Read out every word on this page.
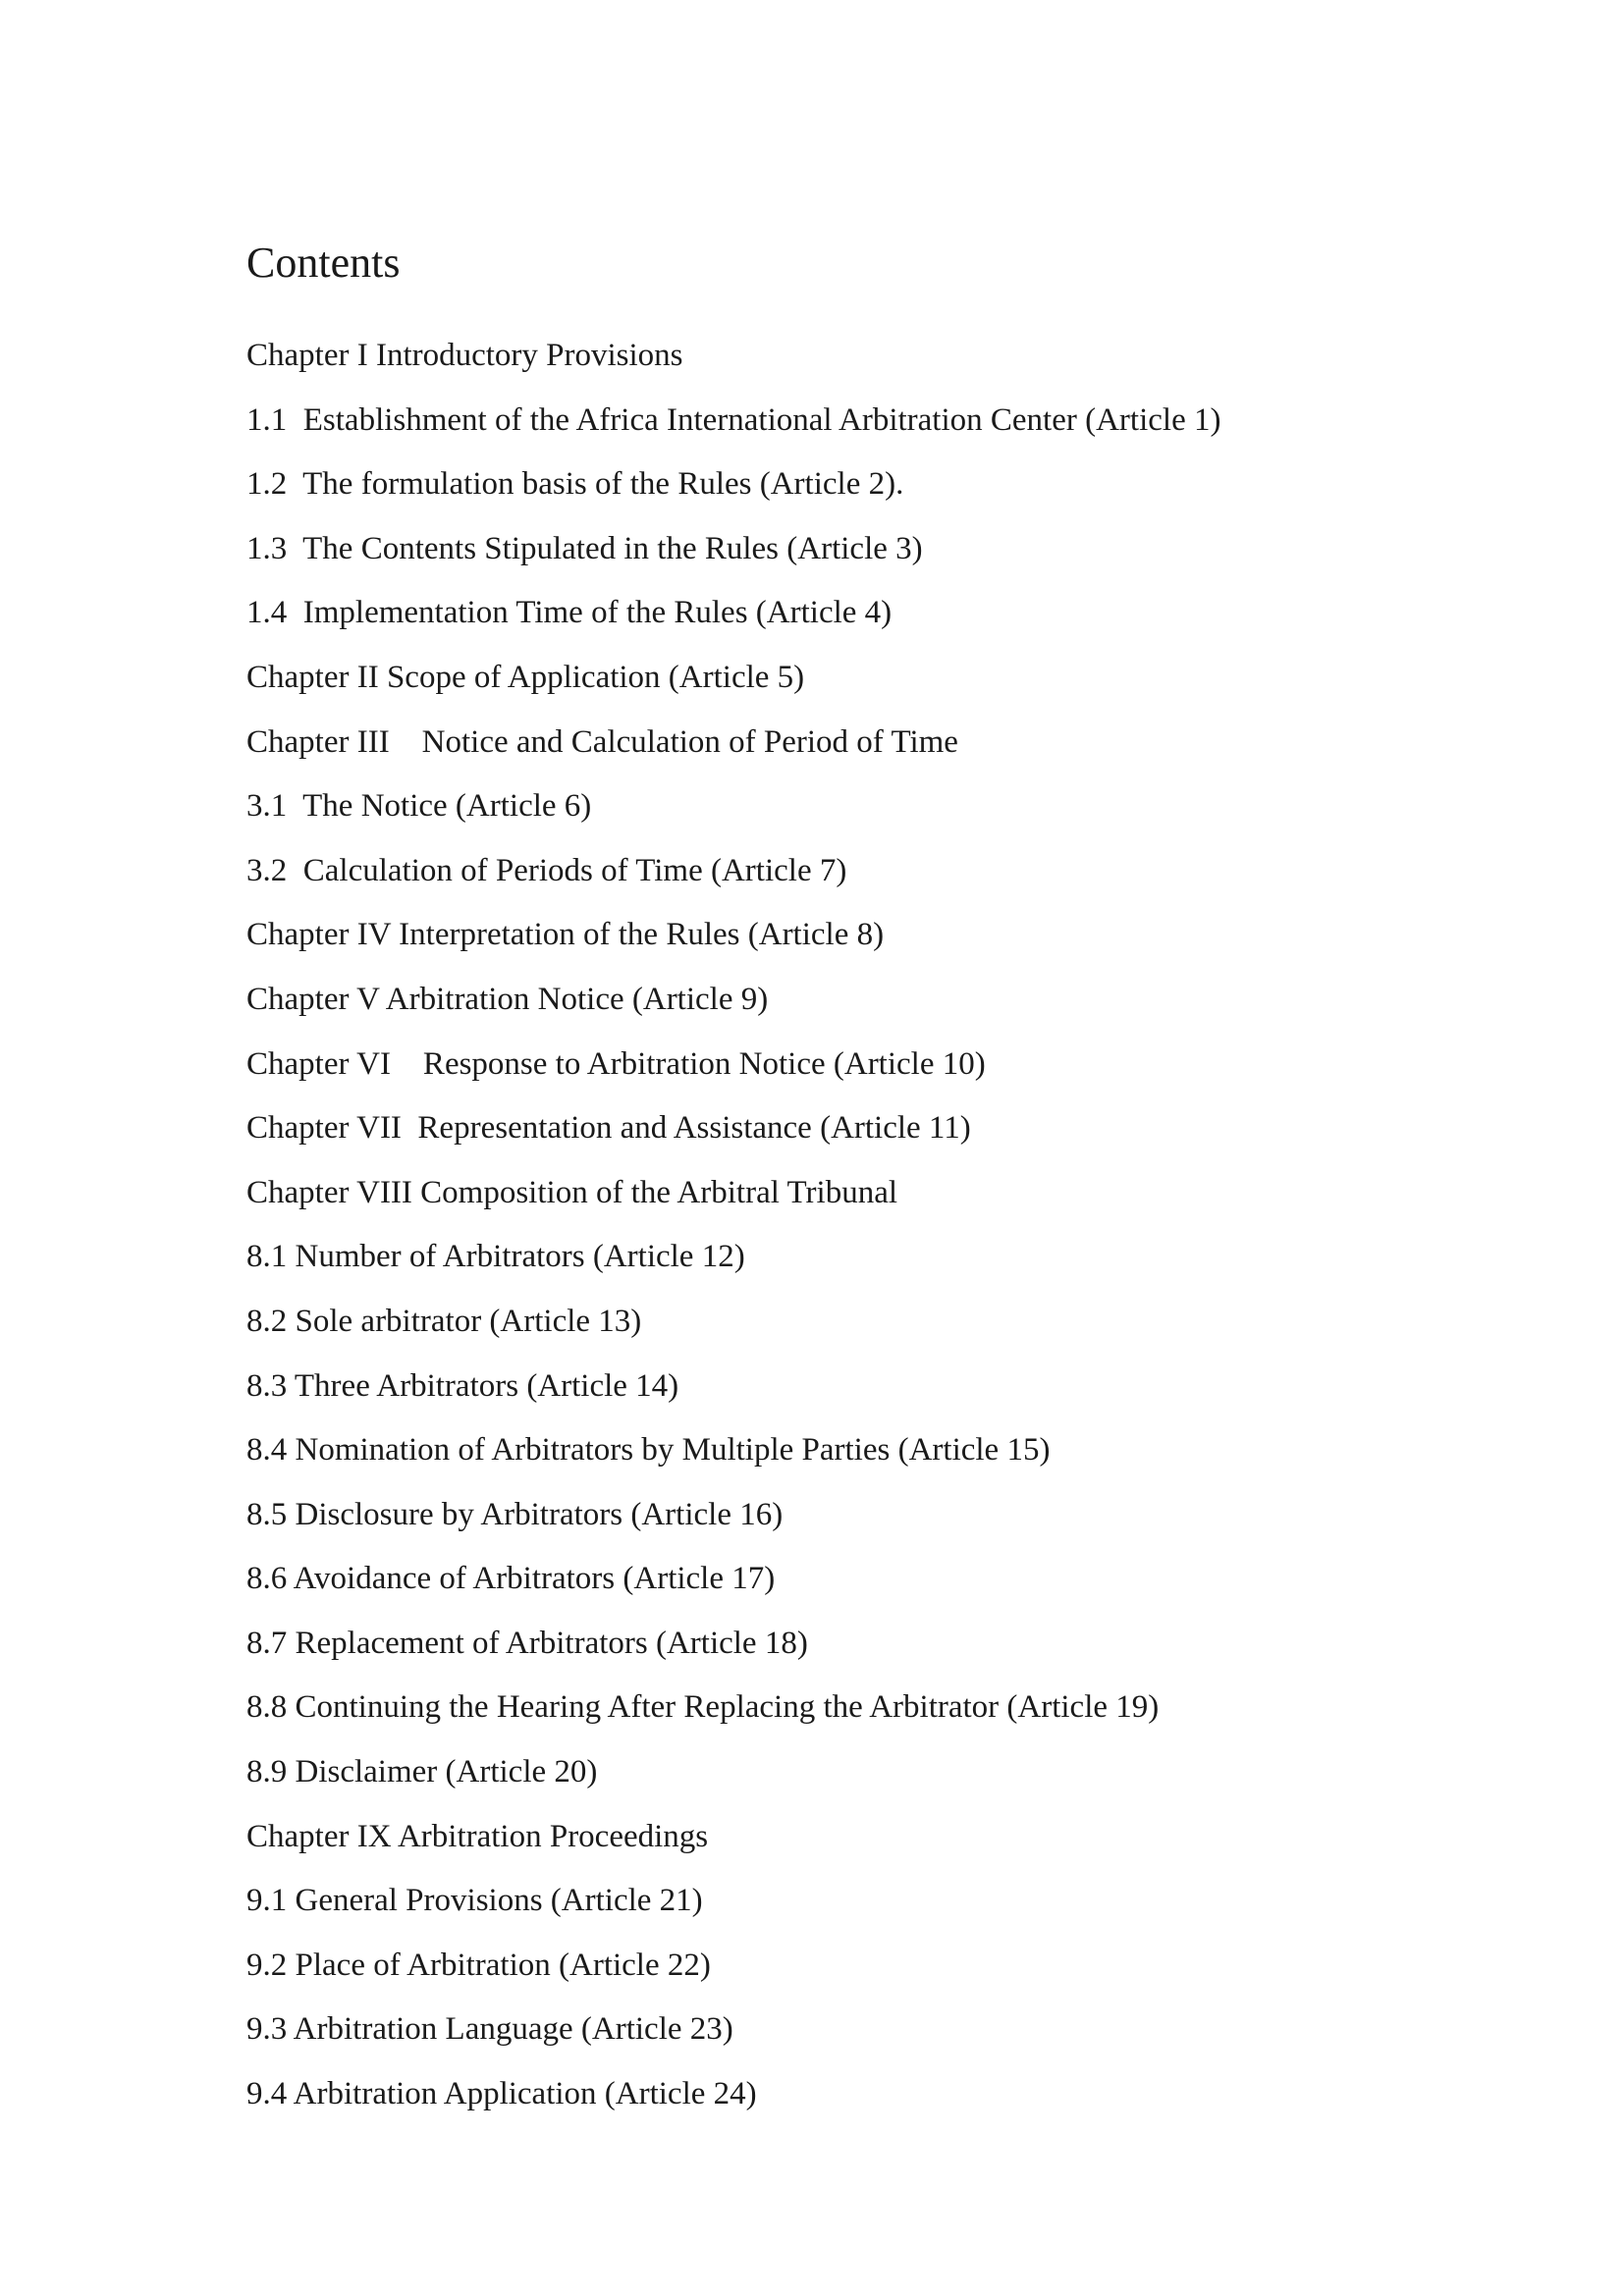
Contents
Chapter I Introductory Provisions
1.1  Establishment of the Africa International Arbitration Center (Article 1)
1.2  The formulation basis of the Rules (Article 2).
1.3  The Contents Stipulated in the Rules (Article 3)
1.4  Implementation Time of the Rules (Article 4)
Chapter II Scope of Application (Article 5)
Chapter III    Notice and Calculation of Period of Time
3.1  The Notice (Article 6)
3.2  Calculation of Periods of Time (Article 7)
Chapter IV Interpretation of the Rules (Article 8)
Chapter V Arbitration Notice (Article 9)
Chapter VI    Response to Arbitration Notice (Article 10)
Chapter VII  Representation and Assistance (Article 11)
Chapter VIII Composition of the Arbitral Tribunal
8.1 Number of Arbitrators (Article 12)
8.2 Sole arbitrator (Article 13)
8.3 Three Arbitrators (Article 14)
8.4 Nomination of Arbitrators by Multiple Parties (Article 15)
8.5 Disclosure by Arbitrators (Article 16)
8.6 Avoidance of Arbitrators (Article 17)
8.7 Replacement of Arbitrators (Article 18)
8.8 Continuing the Hearing After Replacing the Arbitrator (Article 19)
8.9 Disclaimer (Article 20)
Chapter IX Arbitration Proceedings
9.1 General Provisions (Article 21)
9.2 Place of Arbitration (Article 22)
9.3 Arbitration Language (Article 23)
9.4 Arbitration Application (Article 24)
